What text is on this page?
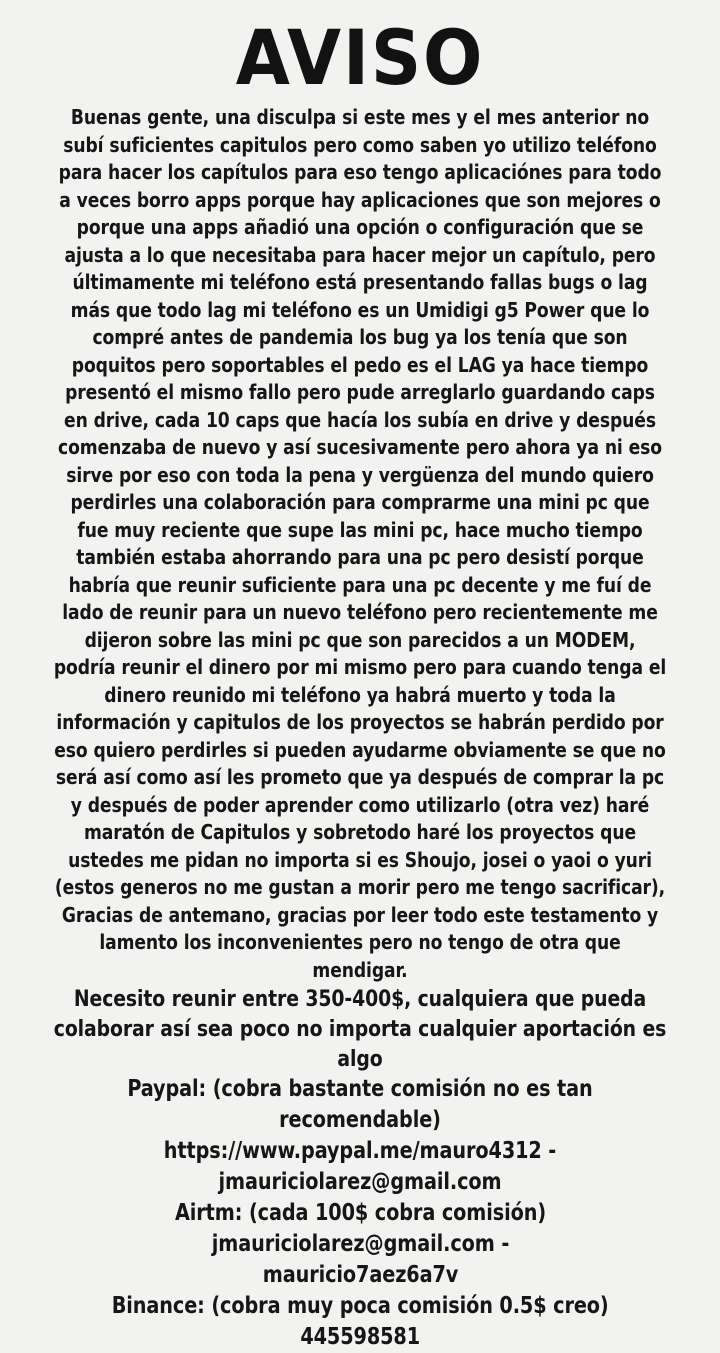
AVISO
Buenas gente, una disculpa si este mes y el mes anterior no subí suficientes capitulos pero como saben yo utilizo teléfono para hacer los capítulos para eso tengo aplicaciónes para todo a veces borro apps porque hay aplicaciones que son mejores o porque una apps añadió una opción o configuración que se ajusta a lo que necesitaba para hacer mejor un capítulo, pero últimamente mi teléfono está presentando fallas bugs o lag más que todo lag mi teléfono es un Umidigi g5 Power que lo compré antes de pandemia los bug ya los tenía que son poquitos pero soportables el pedo es el LAG ya hace tiempo presentó el mismo fallo pero pude arreglarlo guardando caps en drive, cada 10 caps que hacía los subía en drive y después comenzaba de nuevo y así sucesivamente pero ahora ya ni eso sirve por eso con toda la pena y vergüenza del mundo quiero perdirles una colaboración para comprarme una mini pc que fue muy reciente que supe las mini pc, hace mucho tiempo también estaba ahorrando para una pc pero desistí porque habría que reunir suficiente para una pc decente y me fuí de lado de reunir para un nuevo teléfono pero recientemente me dijeron sobre las mini pc que son parecidos a un MODEM, podría reunir el dinero por mi mismo pero para cuando tenga el dinero reunido mi teléfono ya habrá muerto y toda la información y capitulos de los proyectos se habrán perdido por eso quiero perdirles si pueden ayudarme obviamente se que no será así como así les prometo que ya después de comprar la pc y después de poder aprender como utilizarlo (otra vez) haré maratón de Capitulos y sobretodo haré los proyectos que ustedes me pidan no importa si es Shoujo, josei o yaoi o yuri (estos generos no me gustan a morir pero me tengo sacrificar), Gracias de antemano, gracias por leer todo este testamento y lamento los inconvenientes pero no tengo de otra que mendigar.
Necesito reunir entre 350-400$, cualquiera que pueda colaborar así sea poco no importa cualquier aportación es algo
Paypal: (cobra bastante comisión no es tan recomendable)
https://www.paypal.me/mauro4312 -
jmauriciolarez@gmail.com
Airtm: (cada 100$ cobra comisión)
jmauriciolarez@gmail.com -
mauricio7aez6a7v
Binance: (cobra muy poca comisión 0.5$ creo)
445598581
